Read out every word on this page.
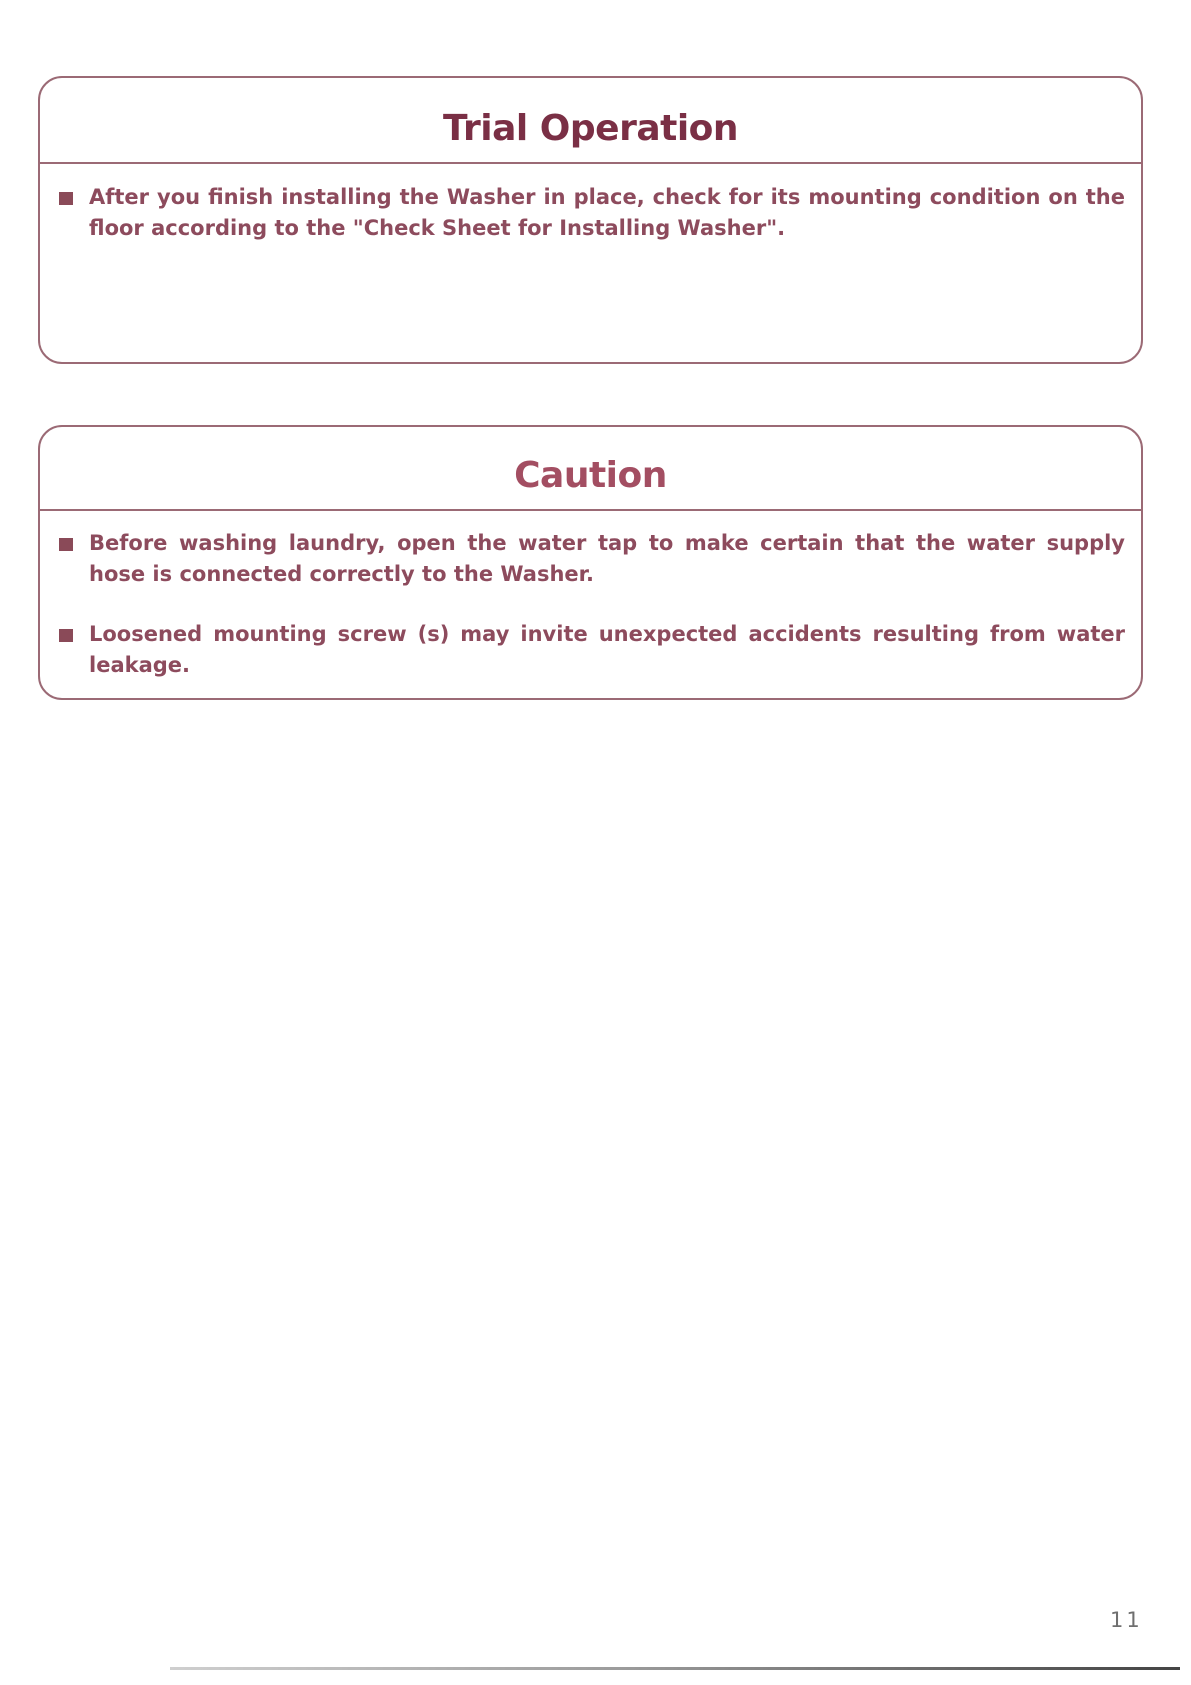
Trial Operation
After you finish installing the Washer in place, check for its mounting condition on the floor according to the "Check Sheet for Installing Washer".
Caution
Before washing laundry, open the water tap to make certain that the water supply hose is connected correctly to the Washer.
Loosened mounting screw (s) may invite unexpected accidents resulting from water leakage.
11
